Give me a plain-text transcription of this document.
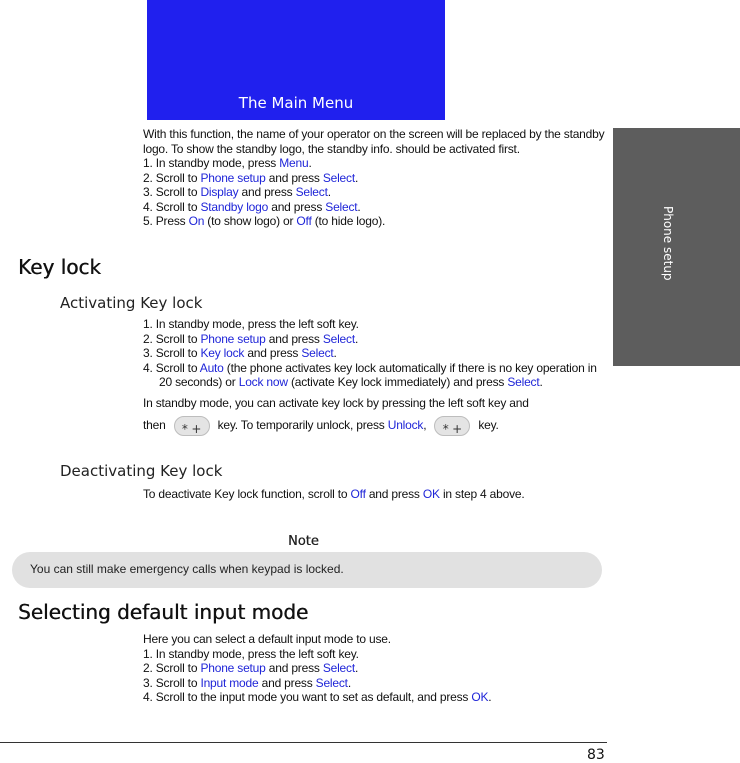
The Main Menu
Phone setup

With this function, the name of your operator on the screen will be replaced by the standby logo. To show the standby logo, the standby info. should be activated first.

1. In standby mode, press Menu.

2. Scroll to Phone setup and press Select.

3. Scroll to Display and press Select.

4. Scroll to Standby logo and press Select.

5. Press On (to show logo) or Off (to hide logo).

Key lock
Activating Key lock

1. In standby mode, press the left soft key.

2. Scroll to Phone setup and press Select.

3. Scroll to Key lock and press Select.

4. Scroll to Auto (the phone activates key lock automatically if there is no key operation in 20 seconds) or Lock now (activate Key lock immediately) and press Select.

In standby mode, you can activate key lock by pressing the left soft key and

then	* +	key. To temporarily unlock, press Unlock,	* +	key.

Deactivating Key lock

To deactivate Key lock function, scroll to Off and press OK in step 4 above.

Note
You can still make emergency calls when keypad is locked.
Selecting default input mode

Here you can select a default input mode to use.

1. In standby mode, press the left soft key.

2. Scroll to Phone setup and press Select.

3. Scroll to Input mode and press Select.

4. Scroll to the input mode you want to set as default, and press OK.

83
